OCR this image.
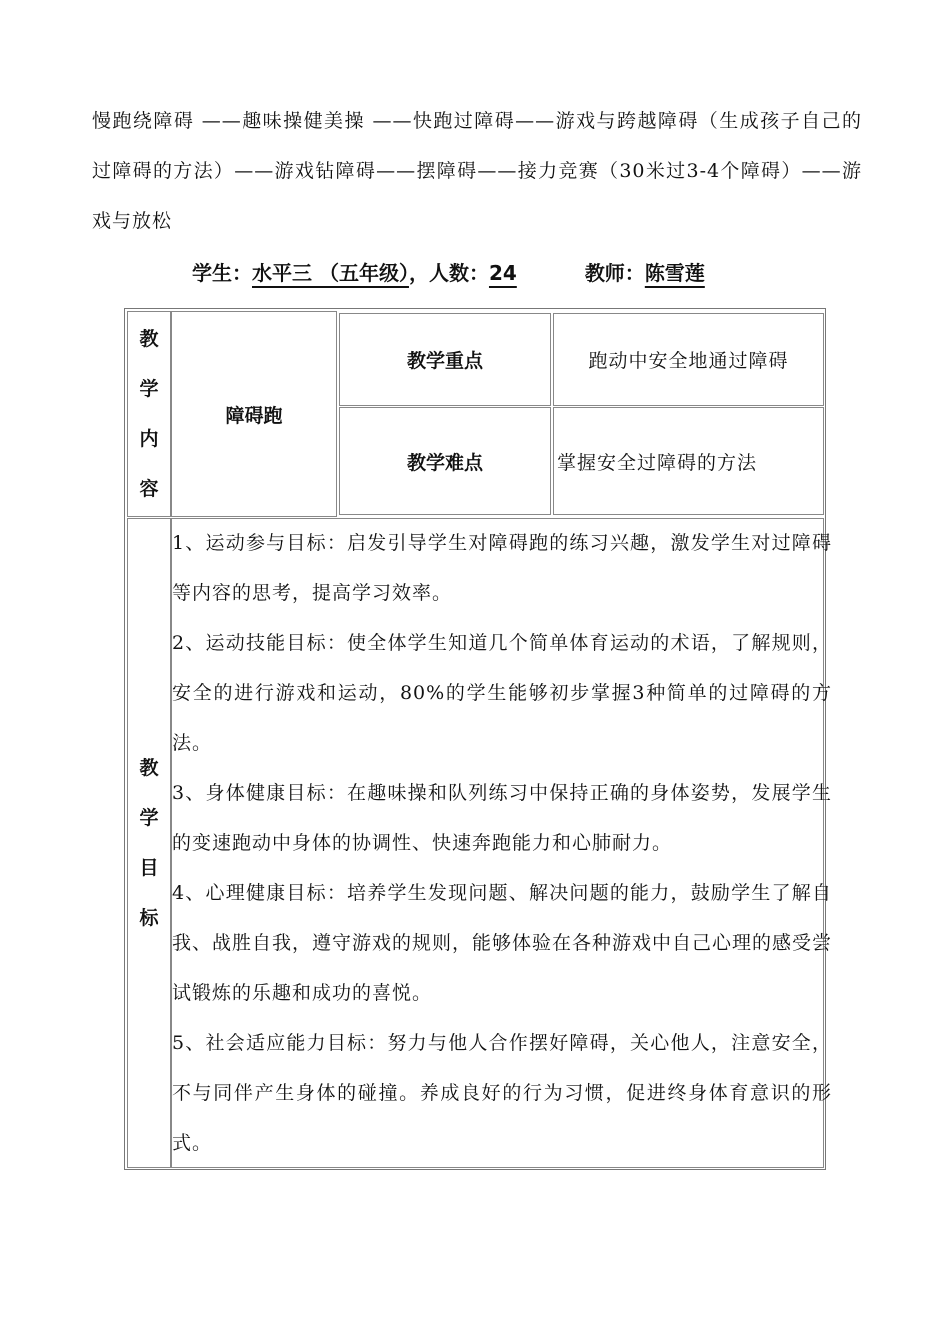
慢跑绕障碍 ——趣味操健美操 ——快跑过障碍——游戏与跨越障碍（生成孩子自己的过障碍的方法）——游戏钻障碍——摆障碍——接力竞赛（30米过3-4个障碍）——游戏与放松
学生：水平三 （五年级），人数：24	教师：陈雪莲
教
学
内
容
障碍跑
教学重点	跑动中安全地通过障碍
教学难点	掌握安全过障碍的方法
教
学
目
标

1、运动参与目标：启发引导学生对障碍跑的练习兴趣，激发学生对过障碍等内容的思考，提高学习效率。

2、运动技能目标：使全体学生知道几个简单体育运动的术语，了解规则，安全的进行游戏和运动，80%的学生能够初步掌握3种简单的过障碍的方法。

3、身体健康目标：在趣味操和队列练习中保持正确的身体姿势，发展学生的变速跑动中身体的协调性、快速奔跑能力和心肺耐力。

4、心理健康目标：培养学生发现问题、解决问题的能力，鼓励学生了解自我、战胜自我，遵守游戏的规则，能够体验在各种游戏中自己心理的感受尝试锻炼的乐趣和成功的喜悦。

5、社会适应能力目标：努力与他人合作摆好障碍，关心他人，注意安全，不与同伴产生身体的碰撞。养成良好的行为习惯，促进终身体育意识的形式。
